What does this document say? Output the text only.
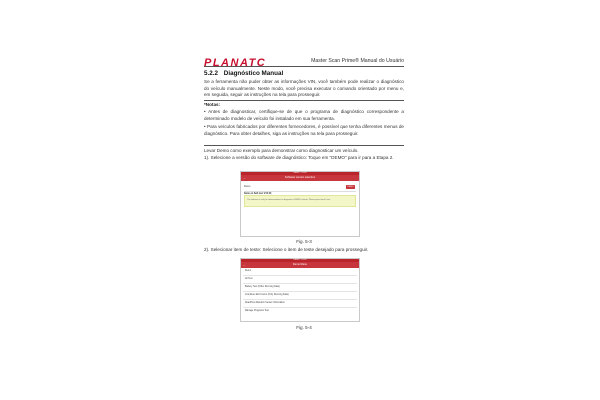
PLANATC	Master Scan Prime® Manual do Usuário
5.2.2 Diagnóstico Manual
Se a ferramenta não puder obter as informações VIN, você também pode realizar o diagnóstico do veículo manualmente. Neste modo, você precisa executar o comando orientado por menu e, em seguida, seguir as instruções na tela para prosseguir.
*Notas:
• Antes de diagnosticar, certifique-se de que o programa de diagnóstico correspondente a determinado modelo de veículo foi instalado em sua ferramenta.
• Para veículos fabricados por diferentes fornecedores, é possível que tenha diferentes menus de diagnóstico. Para obter detalhes, siga as instruções na tela para prosseguir.
Levar Demo como exemplo para demonstrar como diagnosticar um veículo.
1). Selecione a versão do software de diagnóstico: Toque em "DEMO" para ir para a Etapa 2.
DEMO · 12:30
←	Software version selection
Demo	DEMO
Demo & Self-test V10.00
The software is only for demonstration in diagnosis of DEMO vehicle. Please press back if not.
Fig. 5-3
2). Selecionar item de teste: Selecione o item de teste desejado para prosseguir.
DEMO · 12:30
←	Demo Menu
Demo
All Test
Battery Test (Other Running Data)
Combines ECU Items (Only Running Data)
Read/Test Random Sensor Information
Manage Programs Test
Fig. 5-4
